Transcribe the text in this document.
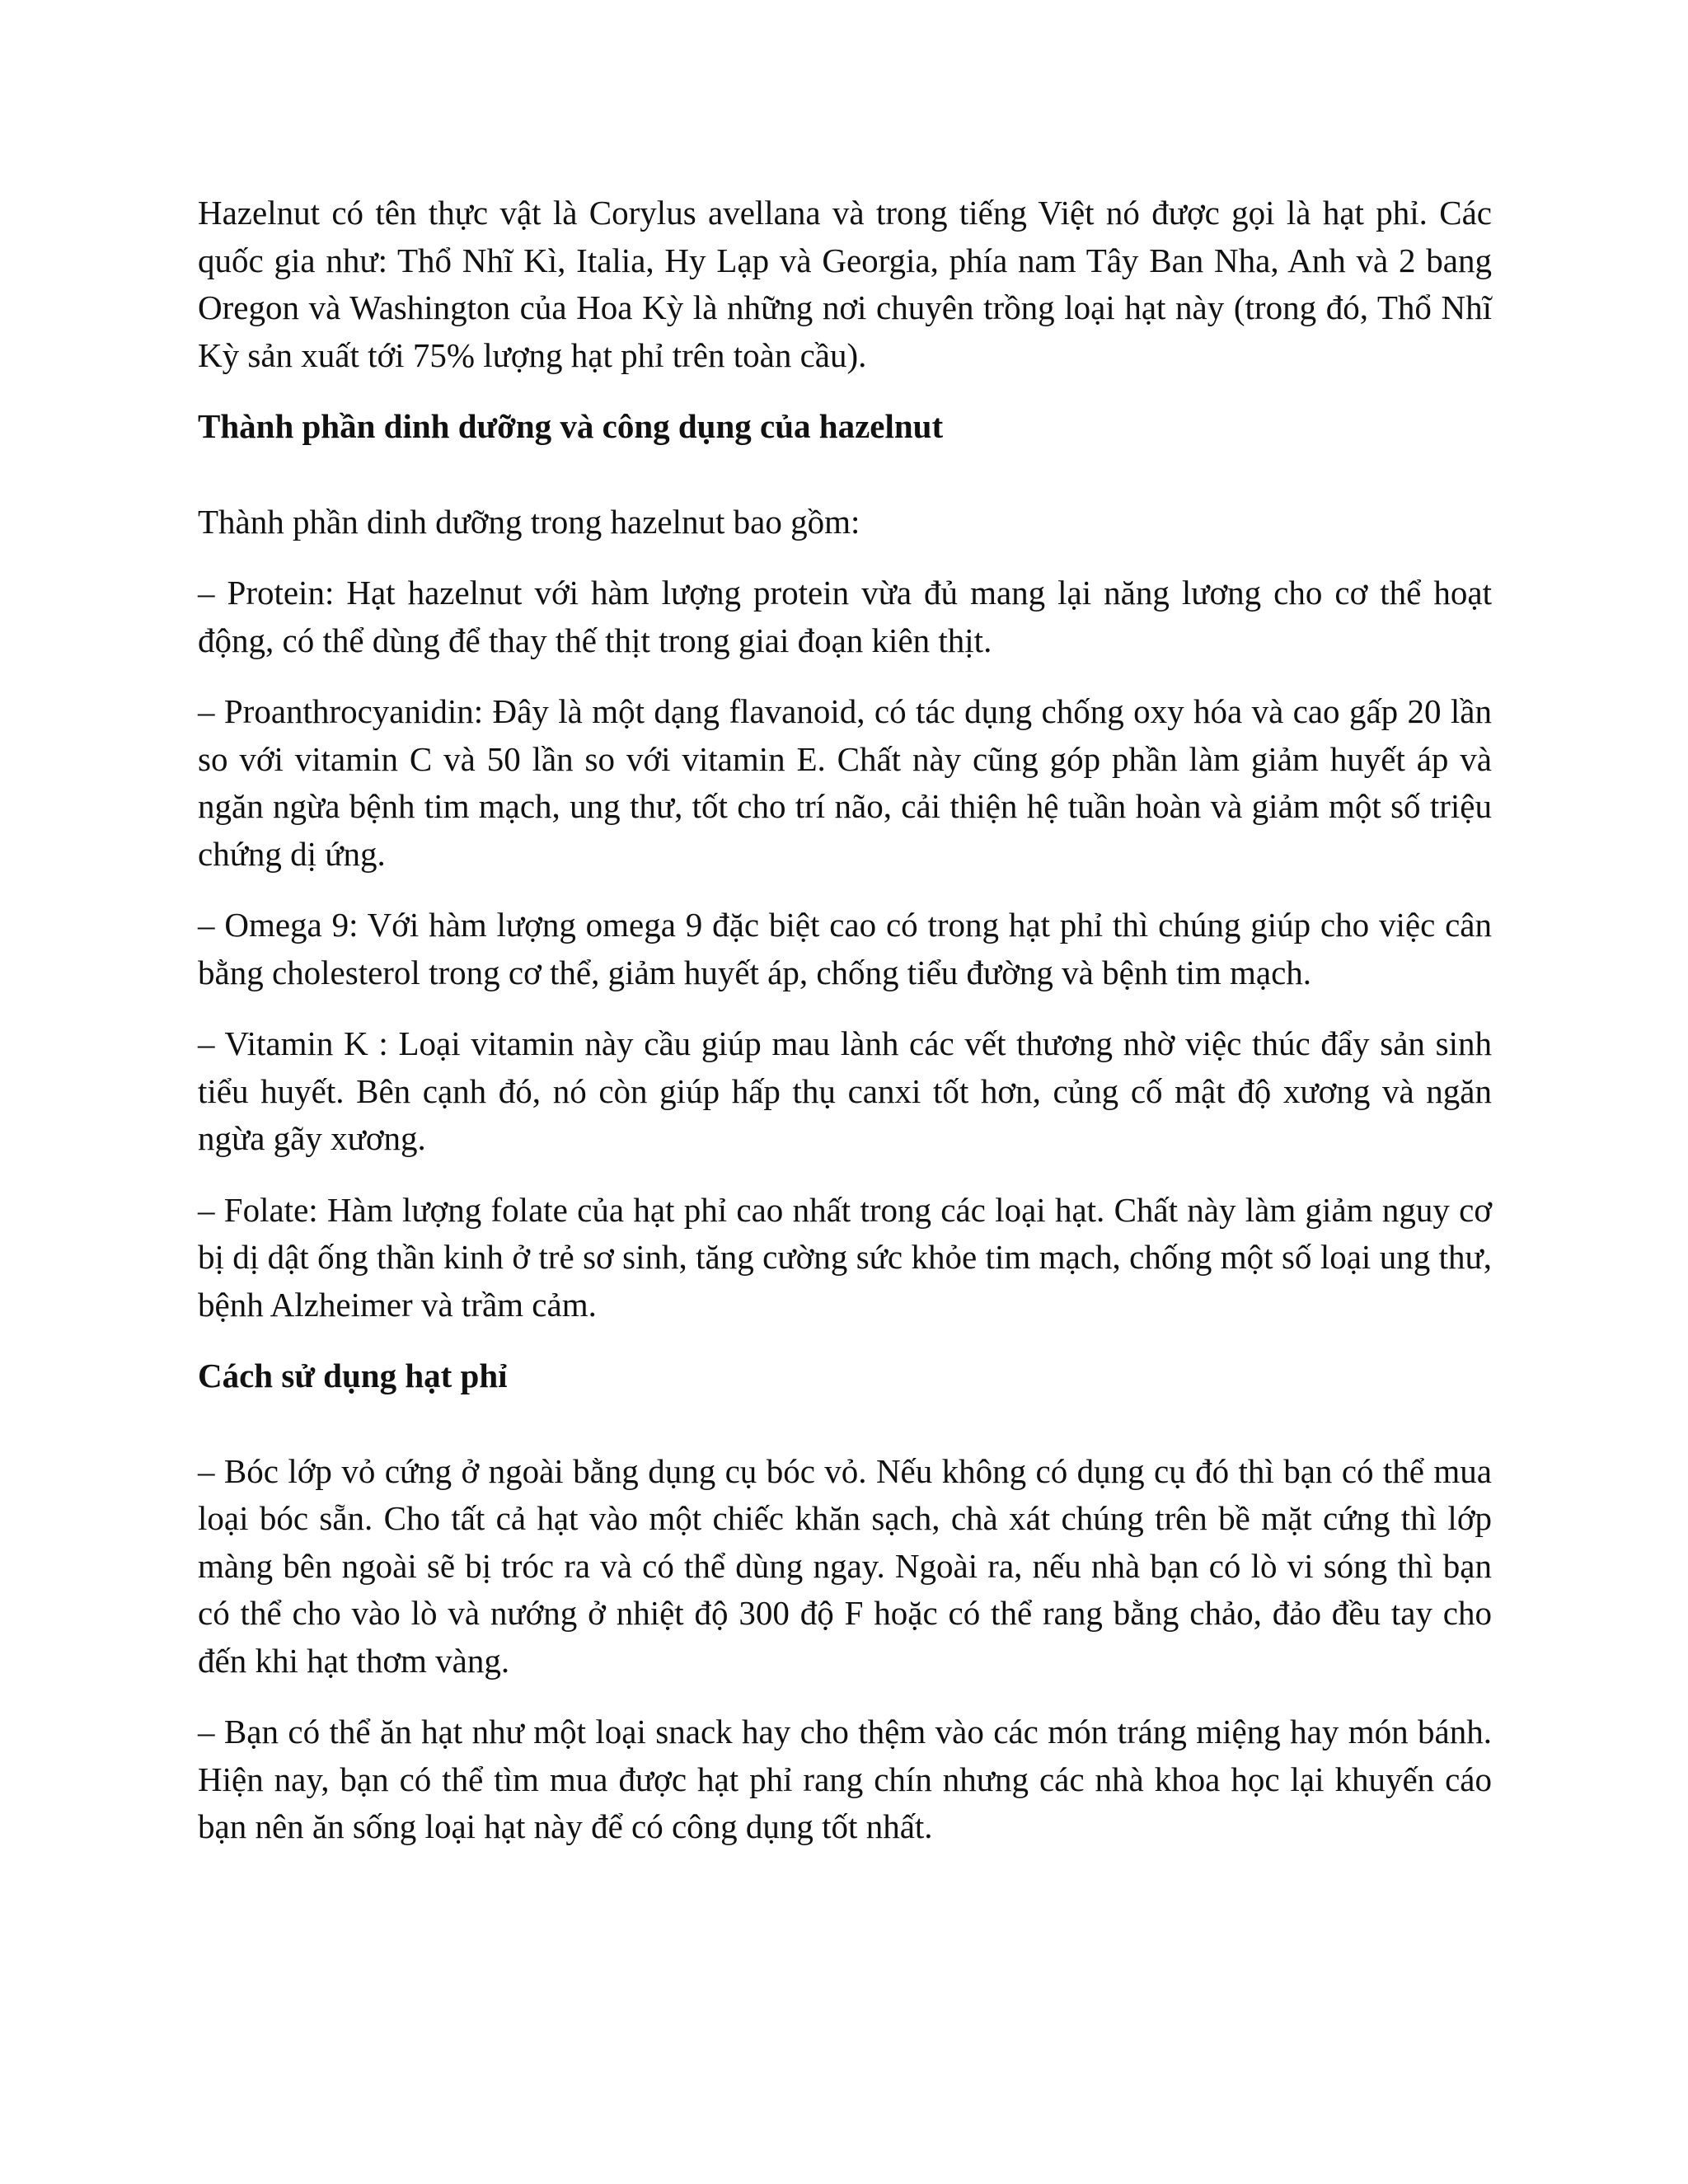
Hazelnut có tên thực vật là Corylus avellana và trong tiếng Việt nó được gọi là hạt phỉ. Các quốc gia như: Thổ Nhĩ Kì, Italia, Hy Lạp và Georgia, phía nam Tây Ban Nha, Anh và 2 bang Oregon và Washington của Hoa Kỳ là những nơi chuyên trồng loại hạt này (trong đó, Thổ Nhĩ Kỳ sản xuất tới 75% lượng hạt phỉ trên toàn cầu).

Thành phần dinh dưỡng và công dụng của hazelnut

Thành phần dinh dưỡng trong hazelnut bao gồm:

– Protein: Hạt hazelnut với hàm lượng protein vừa đủ mang lại năng lương cho cơ thể hoạt động, có thể dùng để thay thế thịt trong giai đoạn kiên thịt.

– Proanthrocyanidin: Đây là một dạng flavanoid, có tác dụng chống oxy hóa và cao gấp 20 lần so với vitamin C và 50 lần so với vitamin E. Chất này cũng góp phần làm giảm huyết áp và ngăn ngừa bệnh tim mạch, ung thư, tốt cho trí não, cải thiện hệ tuần hoàn và giảm một số triệu chứng dị ứng.

– Omega 9: Với hàm lượng omega 9 đặc biệt cao có trong hạt phỉ thì chúng giúp cho việc cân bằng cholesterol trong cơ thể, giảm huyết áp, chống tiểu đường và bệnh tim mạch.

– Vitamin K : Loại vitamin này cầu giúp mau lành các vết thương nhờ việc thúc đẩy sản sinh tiểu huyết. Bên cạnh đó, nó còn giúp hấp thụ canxi tốt hơn, củng cố mật độ xương và ngăn ngừa gãy xương.

– Folate: Hàm lượng folate của hạt phỉ cao nhất trong các loại hạt. Chất này làm giảm nguy cơ bị dị dật ống thần kinh ở trẻ sơ sinh, tăng cường sức khỏe tim mạch, chống một số loại ung thư, bệnh Alzheimer và trầm cảm.

Cách sử dụng hạt phỉ

– Bóc lớp vỏ cứng ở ngoài bằng dụng cụ bóc vỏ. Nếu không có dụng cụ đó thì bạn có thể mua loại bóc sẵn. Cho tất cả hạt vào một chiếc khăn sạch, chà xát chúng trên bề mặt cứng thì lớp màng bên ngoài sẽ bị tróc ra và có thể dùng ngay. Ngoài ra, nếu nhà bạn có lò vi sóng thì bạn có thể cho vào lò và nướng ở nhiệt độ 300 độ F hoặc có thể rang bằng chảo, đảo đều tay cho đến khi hạt thơm vàng.

– Bạn có thể ăn hạt như một loại snack hay cho thệm vào các món tráng miệng hay món bánh. Hiện nay, bạn có thể tìm mua được hạt phỉ rang chín nhưng các nhà khoa học lại khuyến cáo bạn nên ăn sống loại hạt này để có công dụng tốt nhất.
